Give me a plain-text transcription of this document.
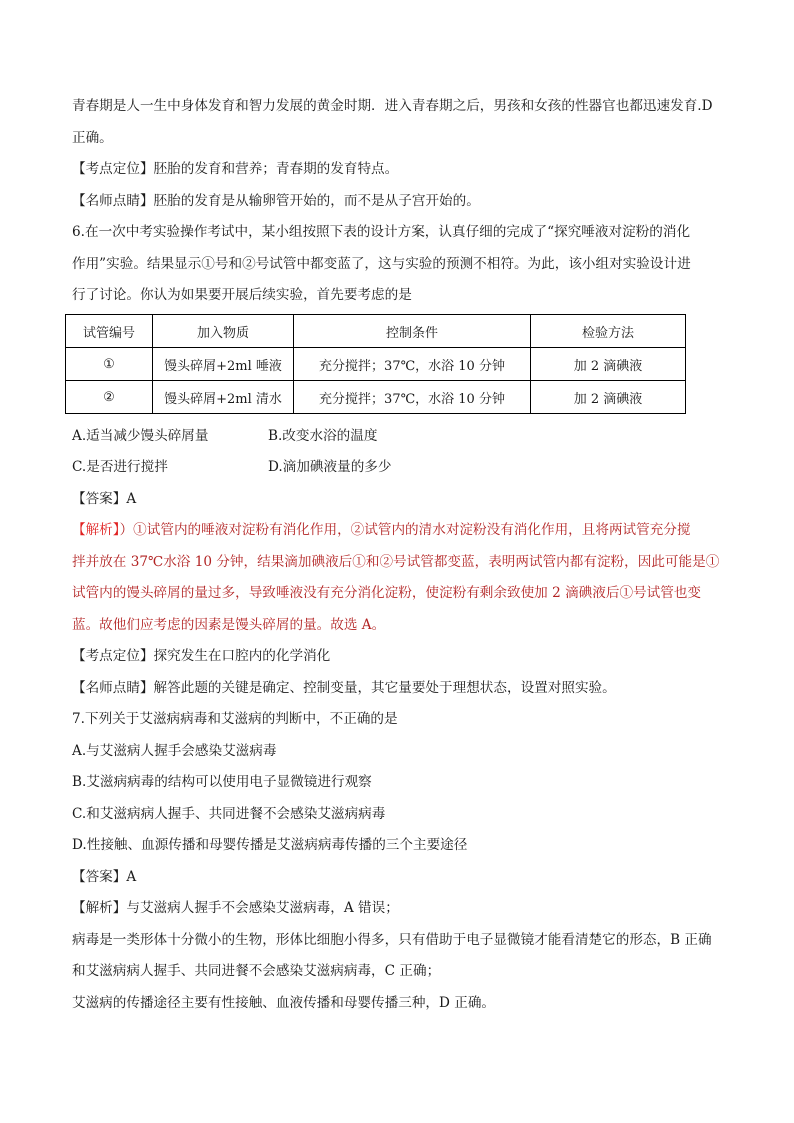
青春期是人一生中身体发育和智力发展的黄金时期．进入青春期之后，男孩和女孩的性器官也都迅速发育.D

正确。

【考点定位】胚胎的发育和营养；青春期的发育特点。

【名师点睛】胚胎的发育是从输卵管开始的，而不是从子宫开始的。

6.在一次中考实验操作考试中，某小组按照下表的设计方案，认真仔细的完成了“探究唾液对淀粉的消化

作用”实验。结果显示①号和②号试管中都变蓝了，这与实验的预测不相符。为此，该小组对实验设计进

行了讨论。你认为如果要开展后续实验，首先要考虑的是

试管编号	加入物质	控制条件	检验方法
①	馒头碎屑+2ml 唾液	充分搅拌；37℃，水浴 10 分钟	加 2 滴碘液
②	馒头碎屑+2ml 清水	充分搅拌；37℃，水浴 10 分钟	加 2 滴碘液
A.适当减少馒头碎屑量	B.改变水浴的温度
C.是否进行搅拌	D.滴加碘液量的多少

【答案】A

【解析】）①试管内的唾液对淀粉有消化作用，②试管内的清水对淀粉没有消化作用，且将两试管充分搅

拌并放在 37℃水浴 10 分钟，结果滴加碘液后①和②号试管都变蓝，表明两试管内都有淀粉，因此可能是①

试管内的馒头碎屑的量过多，导致唾液没有充分消化淀粉，使淀粉有剩余致使加 2 滴碘液后①号试管也变

蓝。故他们应考虑的因素是馒头碎屑的量。故选 A。

【考点定位】探究发生在口腔内的化学消化

【名师点睛】解答此题的关键是确定、控制变量，其它量要处于理想状态，设置对照实验。

7.下列关于艾滋病病毒和艾滋病的判断中，不正确的是

A.与艾滋病人握手会感染艾滋病毒

B.艾滋病病毒的结构可以使用电子显微镜进行观察

C.和艾滋病病人握手、共同进餐不会感染艾滋病病毒

D.性接触、血源传播和母婴传播是艾滋病病毒传播的三个主要途径

【答案】A

【解析】与艾滋病人握手不会感染艾滋病毒，A 错误；

病毒是一类形体十分微小的生物，形体比细胞小得多，只有借助于电子显微镜才能看清楚它的形态，B 正确

和艾滋病病人握手、共同进餐不会感染艾滋病病毒，C 正确；

艾滋病的传播途径主要有性接触、血液传播和母婴传播三种，D 正确。
